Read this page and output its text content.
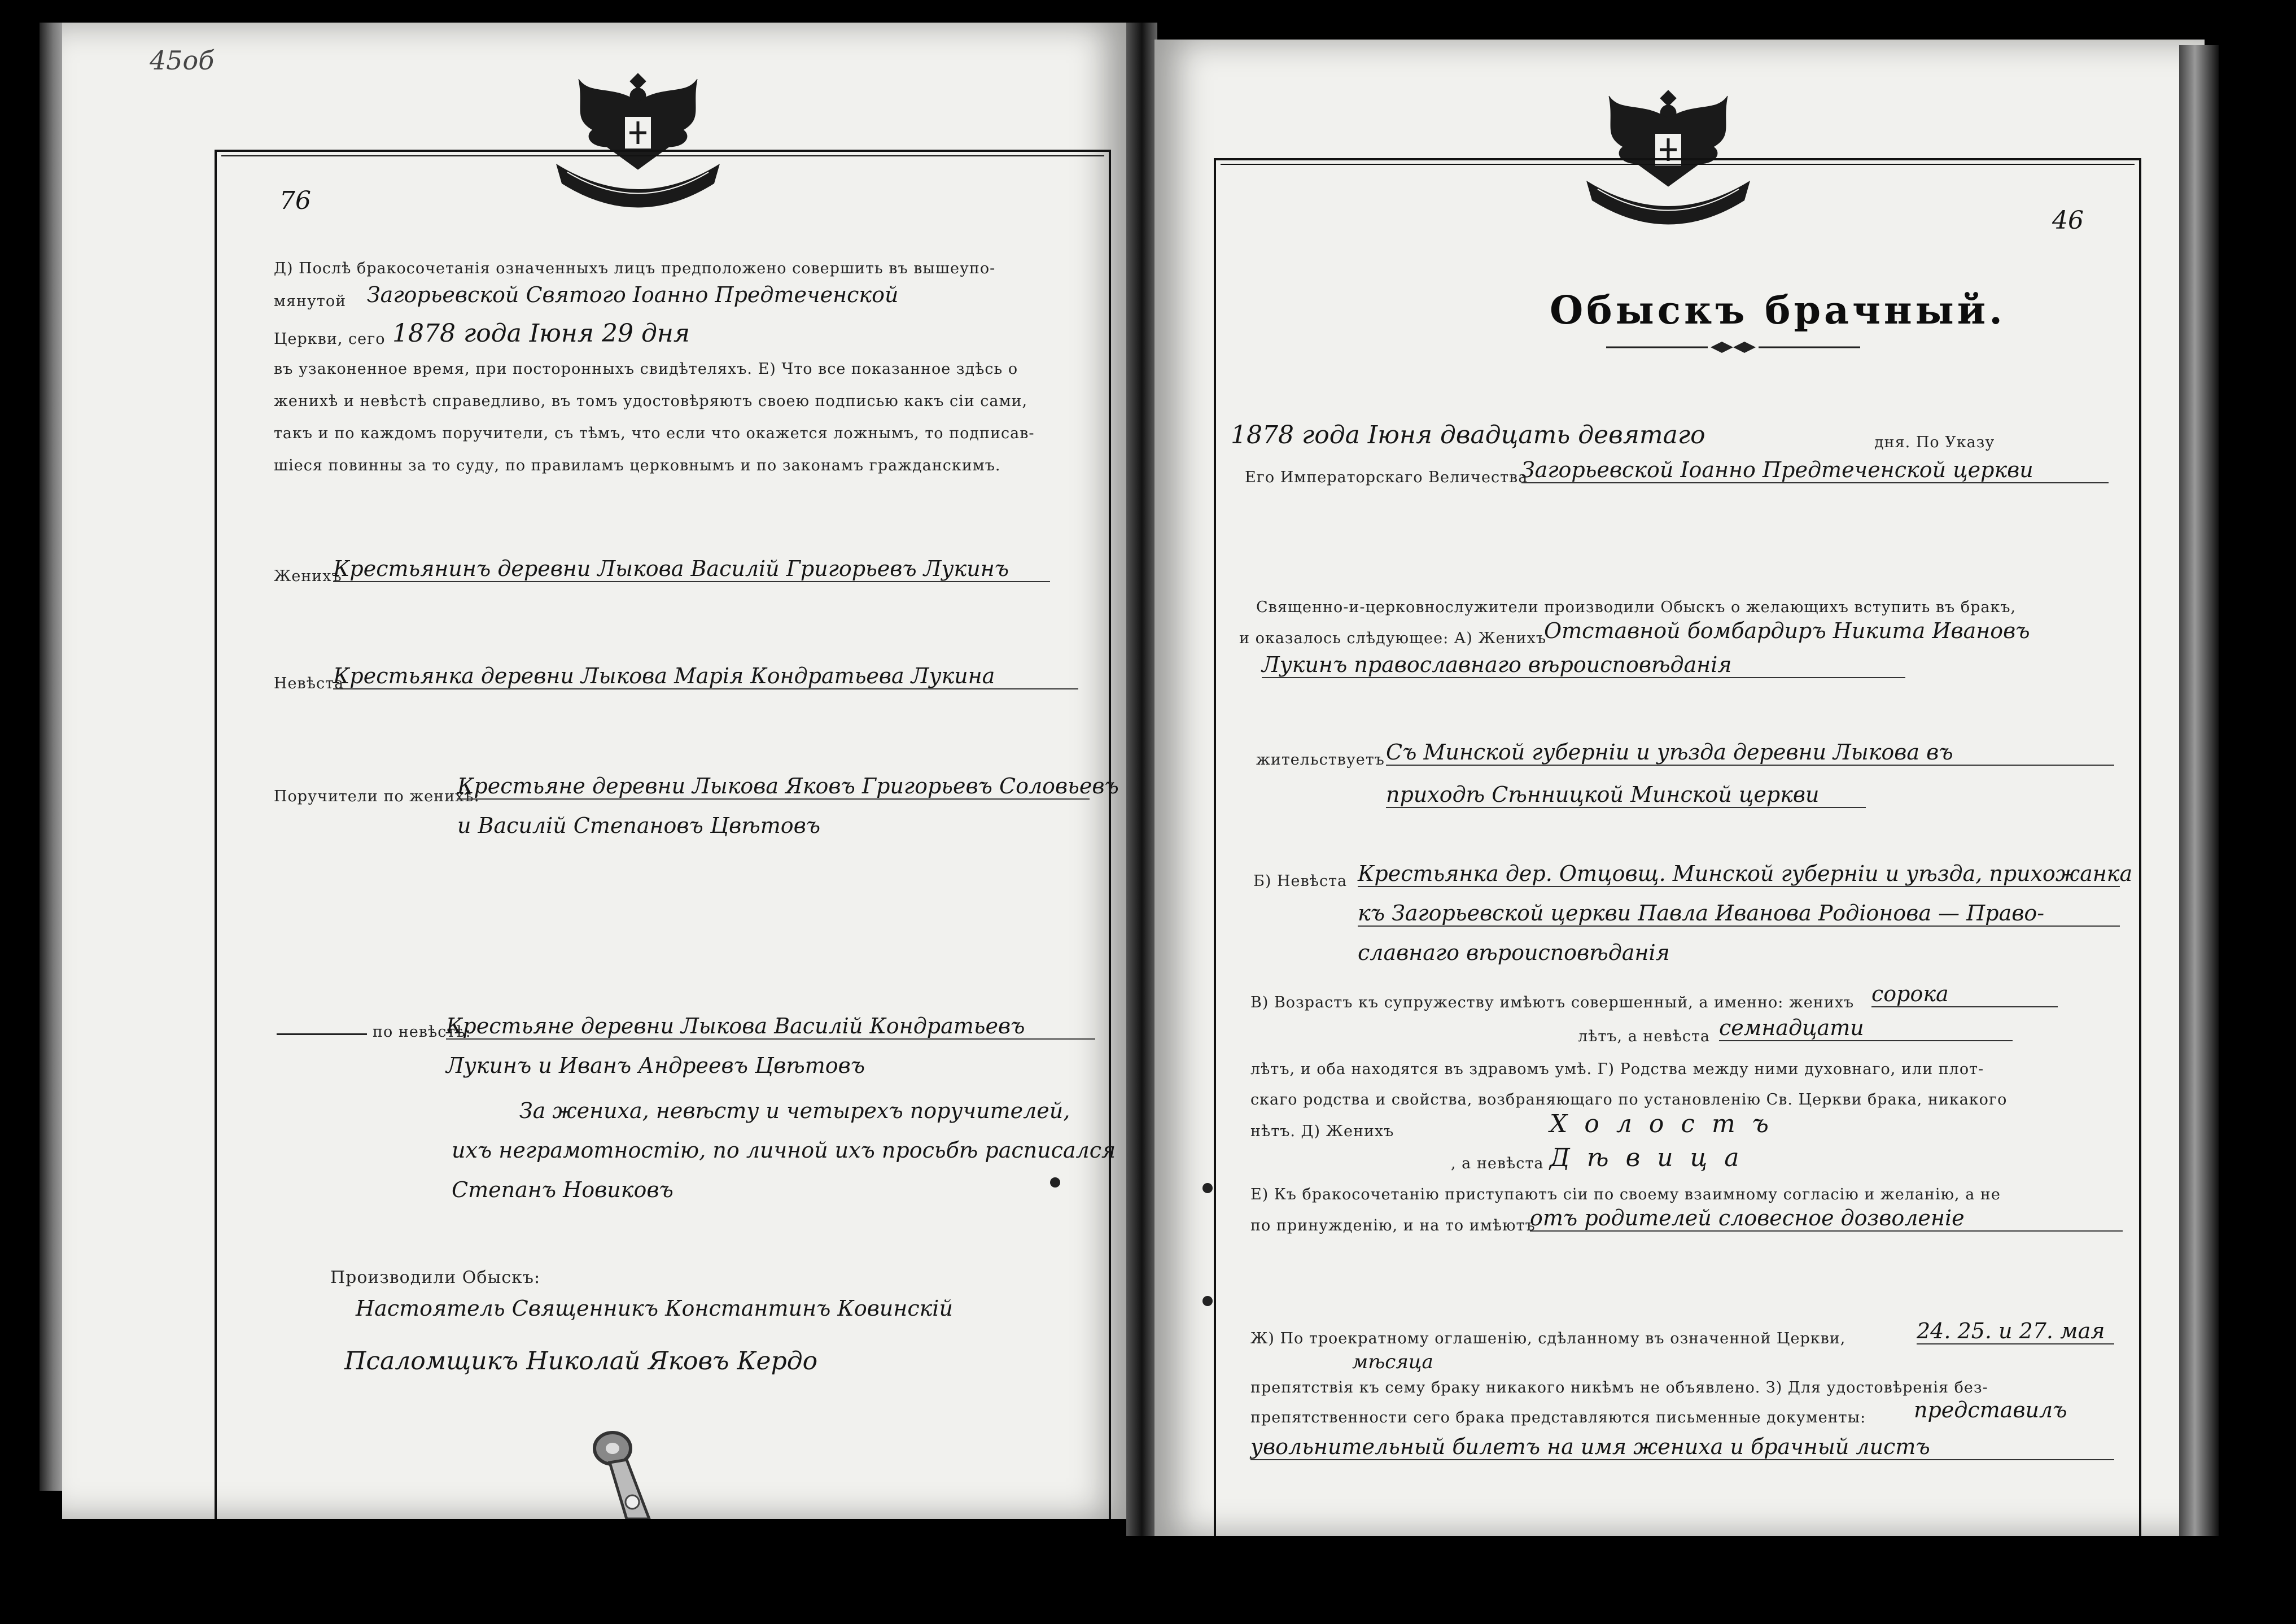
45об
76
Д) Послѣ бракосочетанія означенныхъ лицъ предположено совершить въ вышеупо-
мянутой Загорьевской Святого Іоанно Предтеченской
Церкви, сего 1878 года Іюня 29 дня
въ узаконенное время, при посторонныхъ свидѣтеляхъ. Е) Что все показанное здѣсь о
женихѣ и невѣстѣ справедливо, въ томъ удостовѣряютъ своею подписью какъ сіи сами,
такъ и по каждомъ поручители, съ тѣмъ, что если что окажется ложнымъ, то подписав-
шіеся повинны за то суду, по правиламъ церковнымъ и по законамъ гражданскимъ.
Женихъ
Крестьянинъ деревни Лыкова Василій Григорьевъ Лукинъ
Невѣста
Крестьянка деревни Лыкова Марія Кондратьева Лукина
Поручители по женихѣ:
Крестьяне деревни Лыкова Яковъ Григорьевъ Соловьевъ
и Василій Степановъ Цвѣтовъ
по невѣстѣ:
Крестьяне деревни Лыкова Василій Кондратьевъ
Лукинъ и Иванъ Андреевъ Цвѣтовъ
За жениха, невѣсту и четырехъ поручителей,
ихъ неграмотностію, по личной ихъ просьбѣ расписался
Степанъ Новиковъ
Производили Обыскъ:
Настоятель Священникъ Константинъ Ковинскій
Псаломщикъ Николай Яковъ Кердо
46
Обыскъ брачный.
1878 года Іюня двадцать девятаго	дня. По Указу
Его Императорскаго Величества
Загорьевской Іоанно Предтеченской церкви
Священно-и-церковнослужители производили Обыскъ о желающихъ вступить въ бракъ,
и оказалось слѣдующее: А) Женихъ
Отставной бомбардиръ Никита Ивановъ
Лукинъ православнаго вѣроисповѣданія
жительствуетъ Съ Минской губерніи и уѣзда деревни Лыкова въ
приходѣ Сѣнницкой Минской церкви
Б) Невѣста Крестьянка дер. Отцовщ. Минской губерніи и уѣзда, прихожанка
къ Загорьевской церкви Павла Иванова Родіонова — Право-
славнаго вѣроисповѣданія
В) Возрастъ къ супружеству имѣютъ совершенный, а именно: женихъ сорока
лѣтъ, а невѣста семнадцати
лѣтъ, и оба находятся въ здравомъ умѣ. Г) Родства между ними духовнаго, или плот-
скаго родства и свойства, возбраняющаго по установленію Св. Церкви брака, никакого
нѣтъ. Д) Женихъ	Холостъ
, а невѣста Дѣвица
Е) Къ бракосочетанію приступаютъ сіи по своему взаимному согласію и желанію, а не
по принужденію, и на то имѣютъ
отъ родителей словесное дозволеніе
Ж) По троекратному оглашенію, сдѣланному въ означенной Церкви,	24. 25. и 27. мая
мѣсяца
препятствія къ сему браку никакого никѣмъ не объявлено. З) Для удостовѣренія без-
препятственности сего брака представляются письменные документы: представилъ
увольнительный билетъ на имя жениха и брачный листъ
